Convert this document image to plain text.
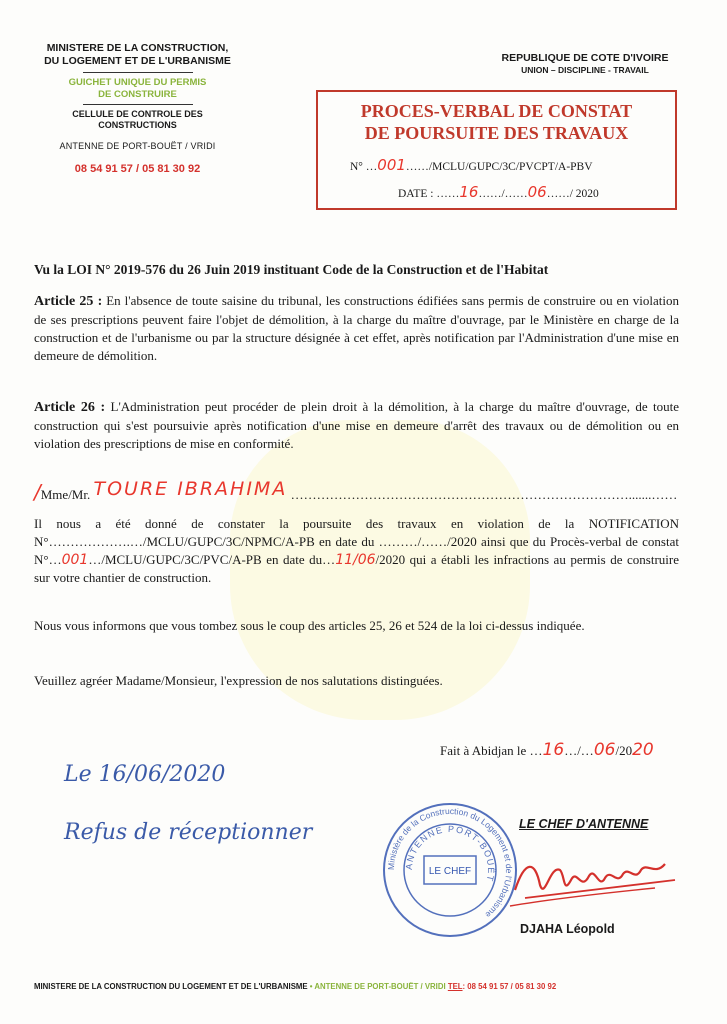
MINISTERE DE LA CONSTRUCTION,
DU LOGEMENT ET DE L'URBANISME
GUICHET UNIQUE DU PERMIS
DE CONSTRUIRE
CELLULE DE CONTROLE DES
CONSTRUCTIONS
ANTENNE DE PORT-BOUËT / VRIDI
08 54 91 57 / 05 81 30 92
REPUBLIQUE DE COTE D'IVOIRE
UNION – DISCIPLINE - TRAVAIL
PROCES-VERBAL DE CONSTAT
DE POURSUITE DES TRAVAUX
N° …001……/MCLU/GUPC/3C/PVCPT/A-PBV
DATE : ……16……/……06……/ 2020
Vu la LOI N° 2019-576 du 26 Juin 2019 instituant Code de la Construction et de l'Habitat
Article 25 : En l'absence de toute saisine du tribunal, les constructions édifiées sans permis de construire ou en violation de ses prescriptions peuvent faire l'objet de démolition, à la charge du maître d'ouvrage, par le Ministère en charge de la construction et de l'urbanisme ou par la structure désignée à cet effet, après notification par l'Administration d'une mise en demeure de démolition.
Article 26 : L'Administration peut procéder de plein droit à la démolition, à la charge du maître d'ouvrage, de toute construction qui s'est poursuivie après notification d'une mise en demeure d'arrêt des travaux ou de démolition ou en violation des prescriptions de mise en conformité.
/Mme/Mr. TOURE IBRAHIMA …………………………………………………………………….......……
Il nous a été donné de constater la poursuite des travaux en violation de la NOTIFICATION N°……………….…/MCLU/GUPC/3C/NPMC/A-PB en date du ………/……/2020 ainsi que du Procès-verbal de constat N°…001…/MCLU/GUPC/3C/PVC/A-PB en date du…11/06/2020 qui a établi les infractions au permis de construire sur votre chantier de construction.
Nous vous informons que vous tombez sous le coup des articles 25, 26 et 524 de la loi ci-dessus indiquée.
Veuillez agréer Madame/Monsieur, l'expression de nos salutations distinguées.
Fait à Abidjan le …16…/…06/2020
Le 16/06/2020
Refus de réceptionner	LE CHEF D'ANTENNE
Ministère de la Construction du Logement et de l'Urbanisme
ANTENNE PORT-BOUËT
LE CHEF
DJAHA Léopold
MINISTERE DE LA CONSTRUCTION DU LOGEMENT ET DE L'URBANISME • ANTENNE DE PORT-BOUËT / VRIDI TEL: 08 54 91 57 / 05 81 30 92
